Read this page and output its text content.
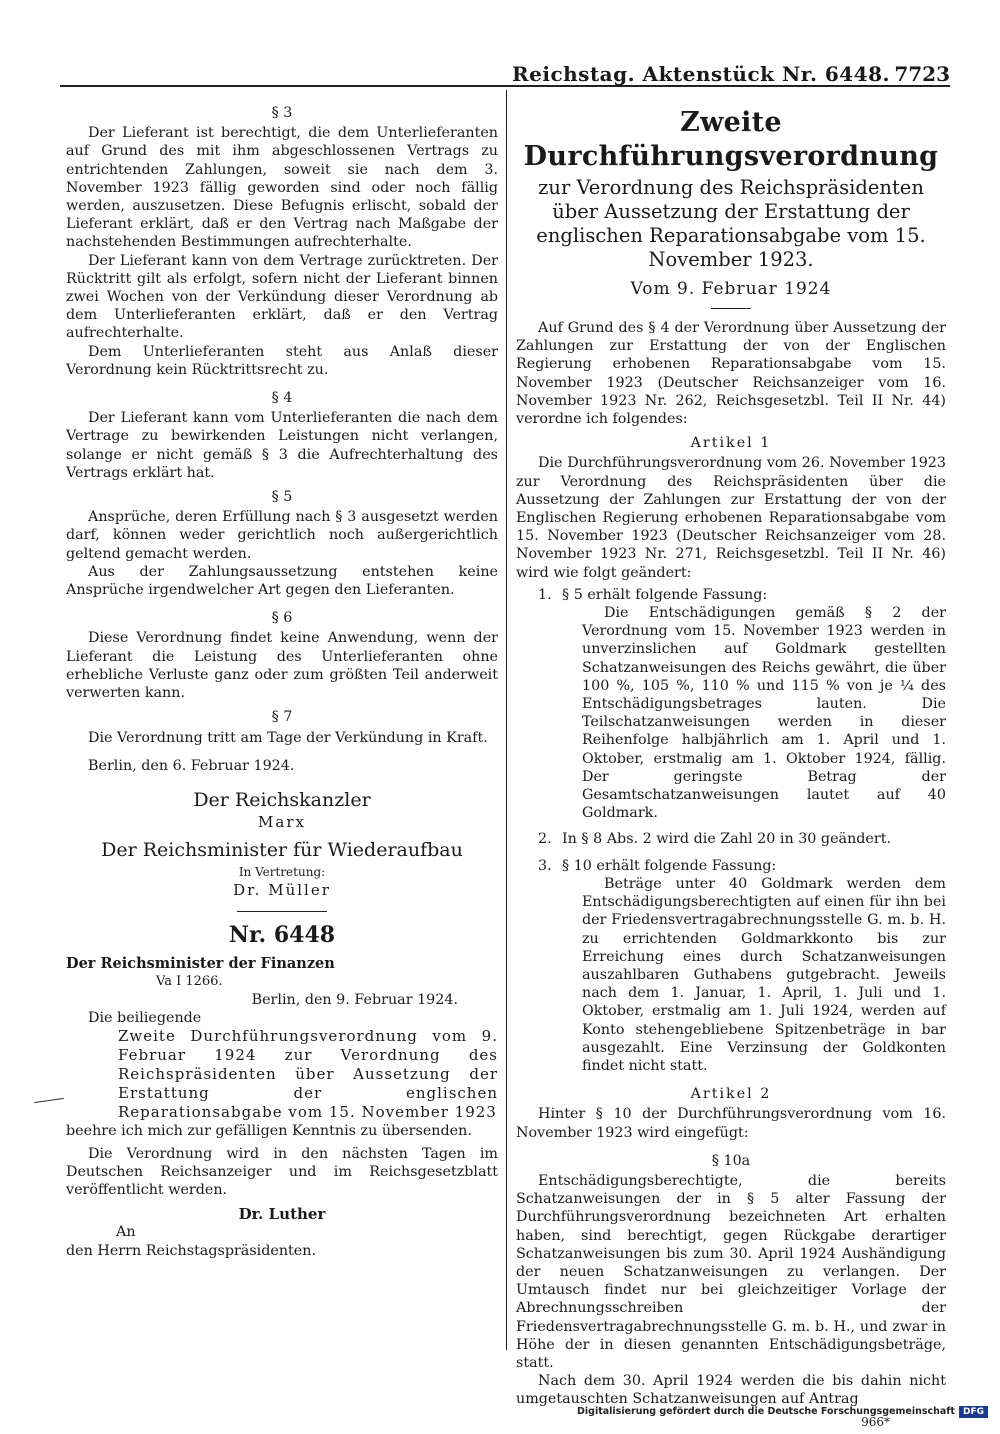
Reichstag. Aktenstück Nr. 6448. 7723
§ 3

Der Lieferant ist berechtigt, die dem Unterlieferanten auf Grund des mit ihm abgeschlossenen Vertrags zu entrichtenden Zahlungen, soweit sie nach dem 3. November 1923 fällig geworden sind oder noch fällig werden, auszusetzen. Diese Befugnis erlischt, sobald der Lieferant erklärt, daß er den Vertrag nach Maßgabe der nachstehenden Bestimmungen aufrechterhalte.

Der Lieferant kann von dem Vertrage zurücktreten. Der Rücktritt gilt als erfolgt, sofern nicht der Lieferant binnen zwei Wochen von der Verkündung dieser Verordnung ab dem Unterlieferanten erklärt, daß er den Vertrag aufrechterhalte.

Dem Unterlieferanten steht aus Anlaß dieser Verordnung kein Rücktrittsrecht zu.

§ 4

Der Lieferant kann vom Unterlieferanten die nach dem Vertrage zu bewirkenden Leistungen nicht verlangen, solange er nicht gemäß § 3 die Aufrechterhaltung des Vertrags erklärt hat.

§ 5

Ansprüche, deren Erfüllung nach § 3 ausgesetzt werden darf, können weder gerichtlich noch außergerichtlich geltend gemacht werden.

Aus der Zahlungsaussetzung entstehen keine Ansprüche irgendwelcher Art gegen den Lieferanten.

§ 6

Diese Verordnung findet keine Anwendung, wenn der Lieferant die Leistung des Unterlieferanten ohne erhebliche Verluste ganz oder zum größten Teil anderweit verwerten kann.

§ 7

Die Verordnung tritt am Tage der Verkündung in Kraft.

Berlin, den 6. Februar 1924.

Der Reichskanzler
Marx
Der Reichsminister für Wiederaufbau
In Vertretung:
Dr. Müller
Nr. 6448
Der Reichsminister der Finanzen
Va I 1266.
Berlin, den 9. Februar 1924.

Die beiliegende

Zweite Durchführungsverordnung vom 9. Februar 1924 zur Verordnung des Reichspräsidenten über Aussetzung der Erstattung der englischen Reparationsabgabe vom 15. November 1923

beehre ich mich zur gefälligen Kenntnis zu übersenden.

Die Verordnung wird in den nächsten Tagen im Deutschen Reichsanzeiger und im Reichsgesetzblatt veröffentlicht werden.

Dr. Luther

An

den Herrn Reichstagspräsidenten.

Zweite Durchführungsverordnung
zur Verordnung des Reichspräsidenten über Aussetzung der Erstattung der englischen Reparationsabgabe vom 15. November 1923.
Vom 9. Februar 1924

Auf Grund des § 4 der Verordnung über Aussetzung der Zahlungen zur Erstattung der von der Englischen Regierung erhobenen Reparationsabgabe vom 15. November 1923 (Deutscher Reichsanzeiger vom 16. November 1923 Nr. 262, Reichsgesetzbl. Teil II Nr. 44) verordne ich folgendes:

Artikel 1

Die Durchführungsverordnung vom 26. November 1923 zur Verordnung des Reichspräsidenten über die Aussetzung der Zahlungen zur Erstattung der von der Englischen Regierung erhobenen Reparationsabgabe vom 15. November 1923 (Deutscher Reichsanzeiger vom 28. November 1923 Nr. 271, Reichsgesetzbl. Teil II Nr. 46) wird wie folgt geändert:

1. § 5 erhält folgende Fassung:

Die Entschädigungen gemäß § 2 der Verordnung vom 15. November 1923 werden in unverzinslichen auf Goldmark gestellten Schatzanweisungen des Reichs gewährt, die über 100 %, 105 %, 110 % und 115 % von je ¼ des Entschädigungsbetrages lauten. Die Teilschatzanweisungen werden in dieser Reihenfolge halbjährlich am 1. April und 1. Oktober, erstmalig am 1. Oktober 1924, fällig. Der geringste Betrag der Gesamtschatzanweisungen lautet auf 40 Goldmark.

2. In § 8 Abs. 2 wird die Zahl 20 in 30 geändert.
3. § 10 erhält folgende Fassung:

Beträge unter 40 Goldmark werden dem Entschädigungsberechtigten auf einen für ihn bei der Friedensvertragabrechnungsstelle G. m. b. H. zu errichtenden Goldmarkkonto bis zur Erreichung eines durch Schatzanweisungen auszahlbaren Guthabens gutgebracht. Jeweils nach dem 1. Januar, 1. April, 1. Juli und 1. Oktober, erstmalig am 1. Juli 1924, werden auf Konto stehengebliebene Spitzenbeträge in bar ausgezahlt. Eine Verzinsung der Goldkonten findet nicht statt.

Artikel 2

Hinter § 10 der Durchführungsverordnung vom 16. November 1923 wird eingefügt:

§ 10a

Entschädigungsberechtigte, die bereits Schatzanweisungen der in § 5 alter Fassung der Durchführungsverordnung bezeichneten Art erhalten haben, sind berechtigt, gegen Rückgabe derartiger Schatzanweisungen bis zum 30. April 1924 Aushändigung der neuen Schatzanweisungen zu verlangen. Der Umtausch findet nur bei gleichzeitiger Vorlage der Abrechnungsschreiben der Friedensvertragabrechnungsstelle G. m. b. H., und zwar in Höhe der in diesen genannten Entschädigungsbeträge, statt.

Nach dem 30. April 1924 werden die bis dahin nicht umgetauschten Schatzanweisungen auf Antrag

966*
Digitalisierung gefördert durch die Deutsche Forschungsgemeinschaft DFG
